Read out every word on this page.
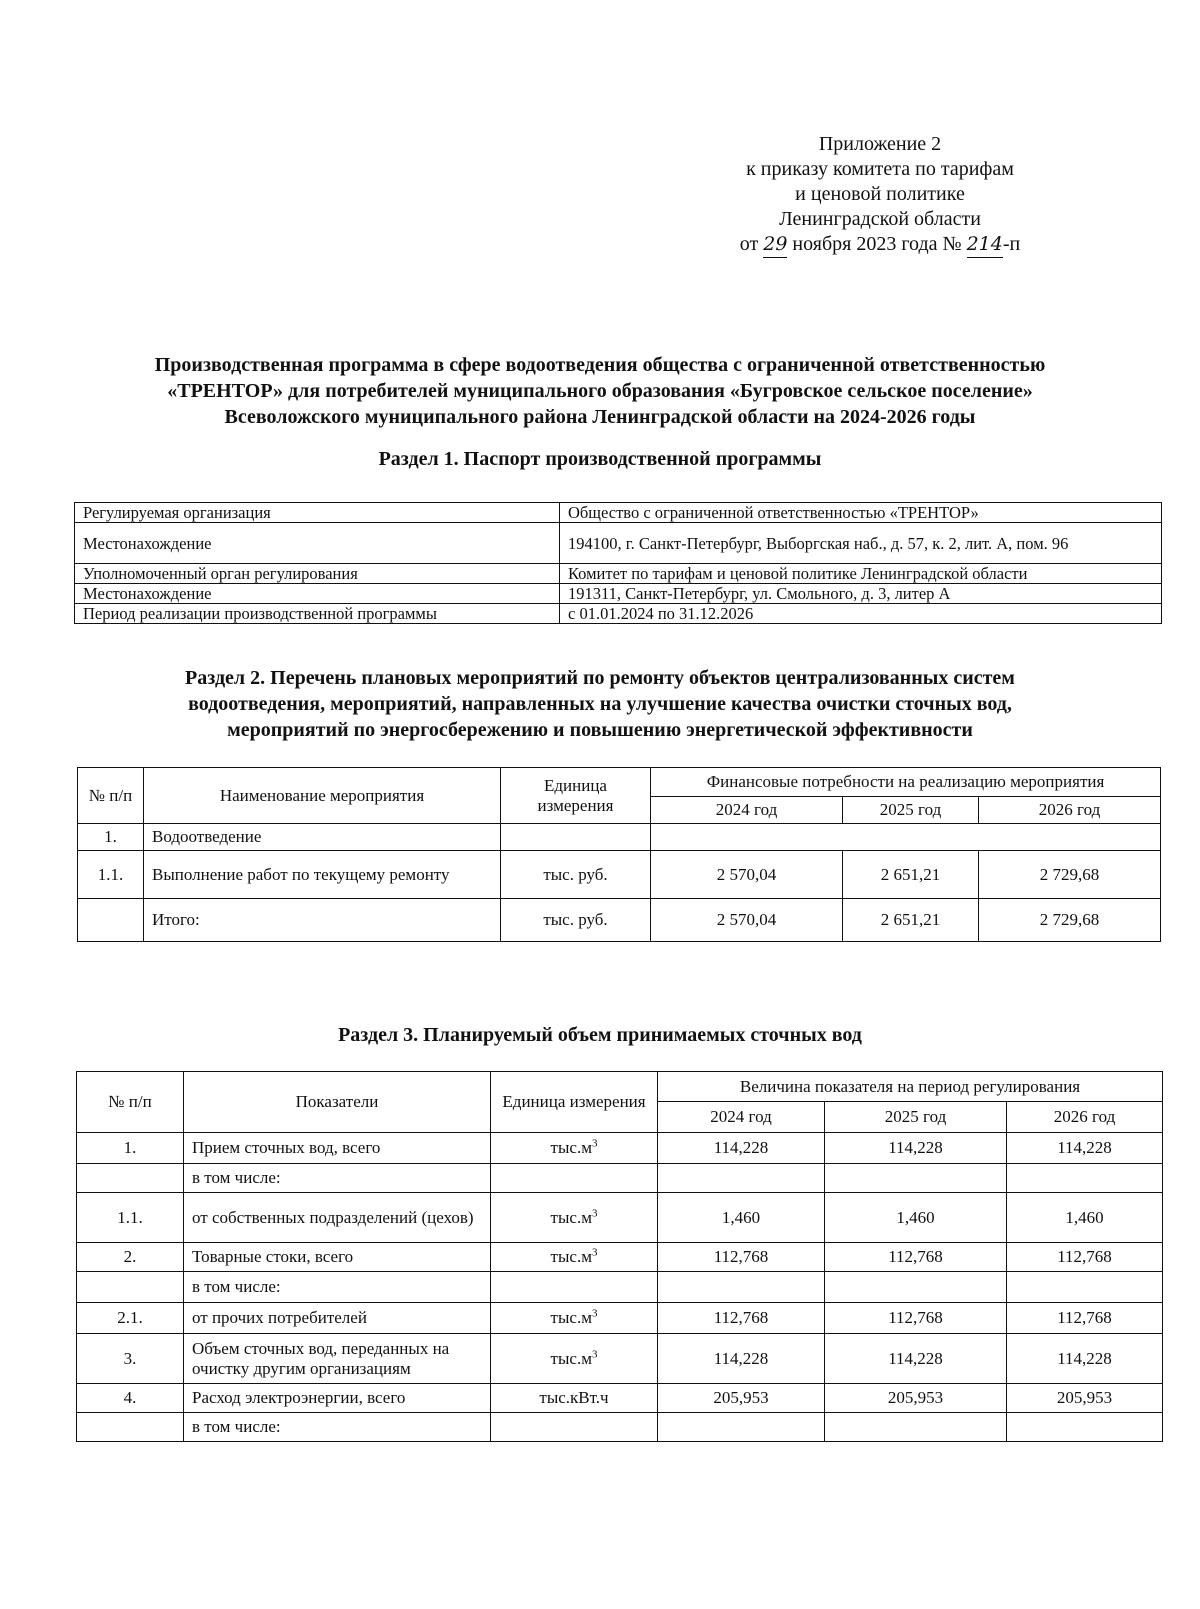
Приложение 2
к приказу комитета по тарифам
и ценовой политике
Ленинградской области
от 29 ноября 2023 года № 214-п
Производственная программа в сфере водоотведения общества с ограниченной ответственностью
«ТРЕНТОР» для потребителей муниципального образования «Бугровское сельское поселение»
Всеволожского муниципального района Ленинградской области на 2024-2026 годы
Раздел 1. Паспорт производственной программы
Регулируемая организация	Общество с ограниченной ответственностью «ТРЕНТОР»
Местонахождение	194100, г. Санкт-Петербург, Выборгская наб., д. 57, к. 2, лит. А, пом. 96
Уполномоченный орган регулирования	Комитет по тарифам и ценовой политике Ленинградской области
Местонахождение	191311, Санкт-Петербург, ул. Смольного, д. 3, литер А
Период реализации производственной программы	с 01.01.2024 по 31.12.2026
Раздел 2. Перечень плановых мероприятий по ремонту объектов централизованных систем
водоотведения, мероприятий, направленных на улучшение качества очистки сточных вод,
мероприятий по энергосбережению и повышению энергетической эффективности
№ п/п	Наименование мероприятия	Единица измерения	Финансовые потребности на реализацию мероприятия		
			2024 год	2025 год	2026 год
1.	Водоотведение				
1.1.	Выполнение работ по текущему ремонту	тыс. руб.	2 570,04	2 651,21	2 729,68
	Итого:	тыс. руб.	2 570,04	2 651,21	2 729,68
Раздел 3. Планируемый объем принимаемых сточных вод
№ п/п	Показатели	Единица измерения	Величина показателя на период регулирования		
			2024 год	2025 год	2026 год
1.	Прием сточных вод, всего	$тыс.м^3$	114,228	114,228	114,228
	в том числе:				
1.1.	от собственных подразделений (цехов)	$тыс.м^3$	1,460	1,460	1,460
2.	Товарные стоки, всего	$тыс.м^3$	112,768	112,768	112,768
	в том числе:				
2.1.	от прочих потребителей	$тыс.м^3$	112,768	112,768	112,768
3.	Объем сточных вод, переданных на очистку другим организациям	$тыс.м^3$	114,228	114,228	114,228
4.	Расход электроэнергии, всего	тыс.кВт.ч	205,953	205,953	205,953
	в том числе:				
